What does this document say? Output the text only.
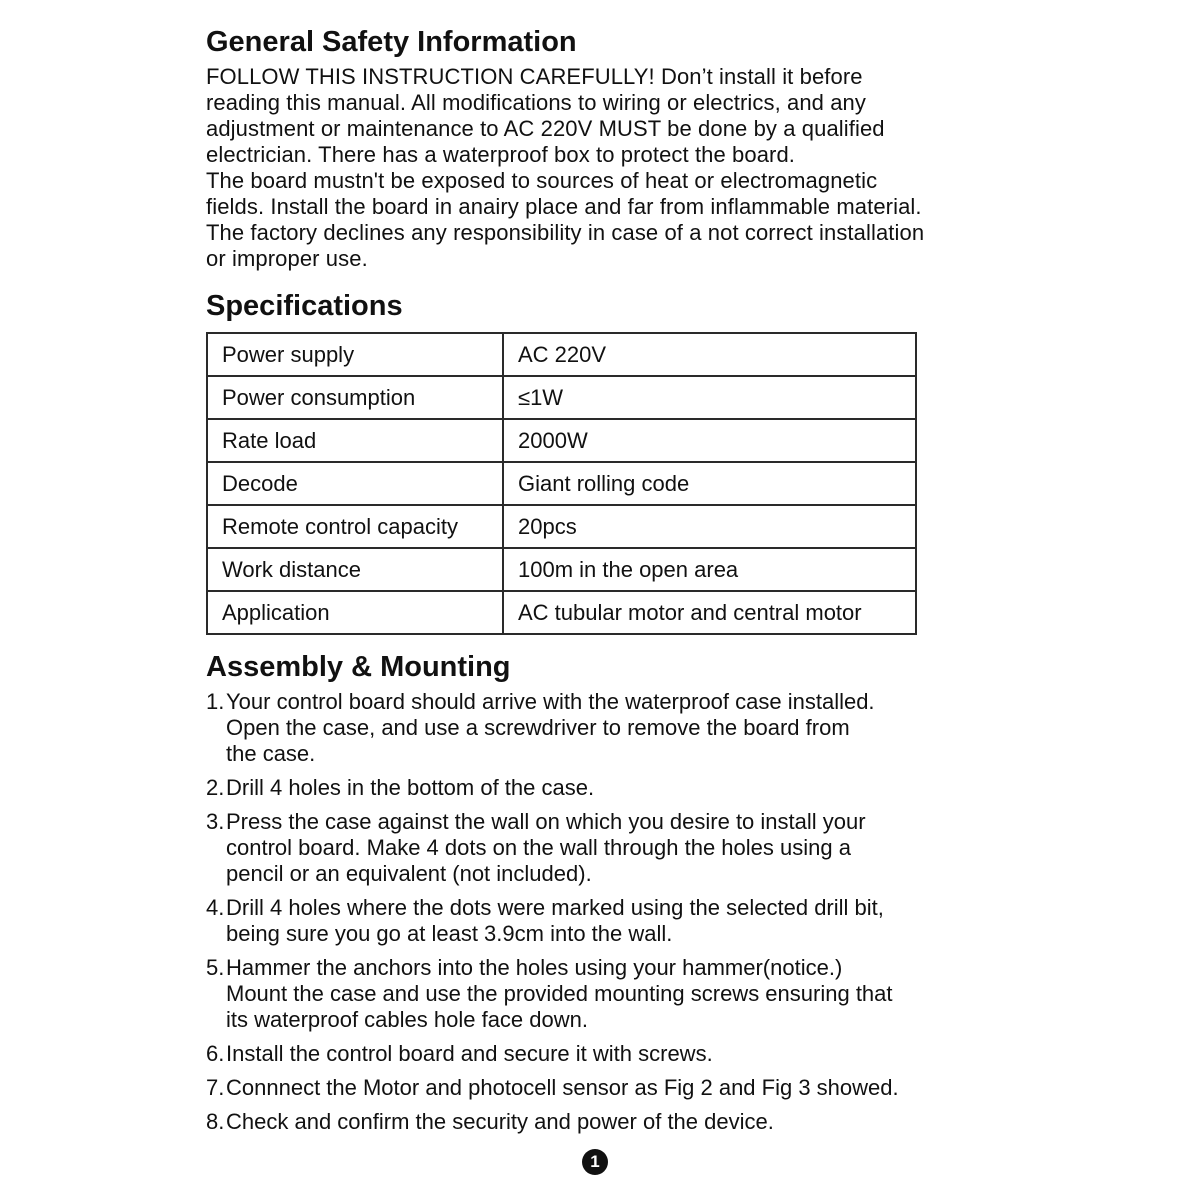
General Safety Information

FOLLOW THIS INSTRUCTION CAREFULLY! Don’t install it before

reading this manual. All modifications to wiring or electrics, and any

adjustment or maintenance to AC 220V MUST be done by a qualified

electrician. There has a waterproof box to protect the board.

The board mustn't be exposed to sources of heat or electromagnetic

fields. Install the board in anairy place and far from inflammable material.

The factory declines any responsibility in case of a not correct installation

or improper use.

Specifications
Power supply	AC 220V
Power consumption	≤1W
Rate load	2000W
Decode	Giant rolling code
Remote control capacity	20pcs
Work distance	100m in the open area
Application	AC tubular motor and central motor
Assembly & Mounting
1. Your control board should arrive with the waterproof case installed.
Open the case, and use a screwdriver to remove the board from
the case.
2. Drill 4 holes in the bottom of the case.
3. Press the case against the wall on which you desire to install your
control board. Make 4 dots on the wall through the holes using a
pencil or an equivalent (not included).
4. Drill 4 holes where the dots were marked using the selected drill bit,
being sure you go at least 3.9cm into the wall.
5. Hammer the anchors into the holes using your hammer(notice.)
Mount the case and use the provided mounting screws ensuring that
its waterproof cables hole face down.
6. Install the control board and secure it with screws.
7. Connnect the Motor and photocell sensor as Fig 2 and Fig 3 showed.
8. Check and confirm the security and power of the device.
1
